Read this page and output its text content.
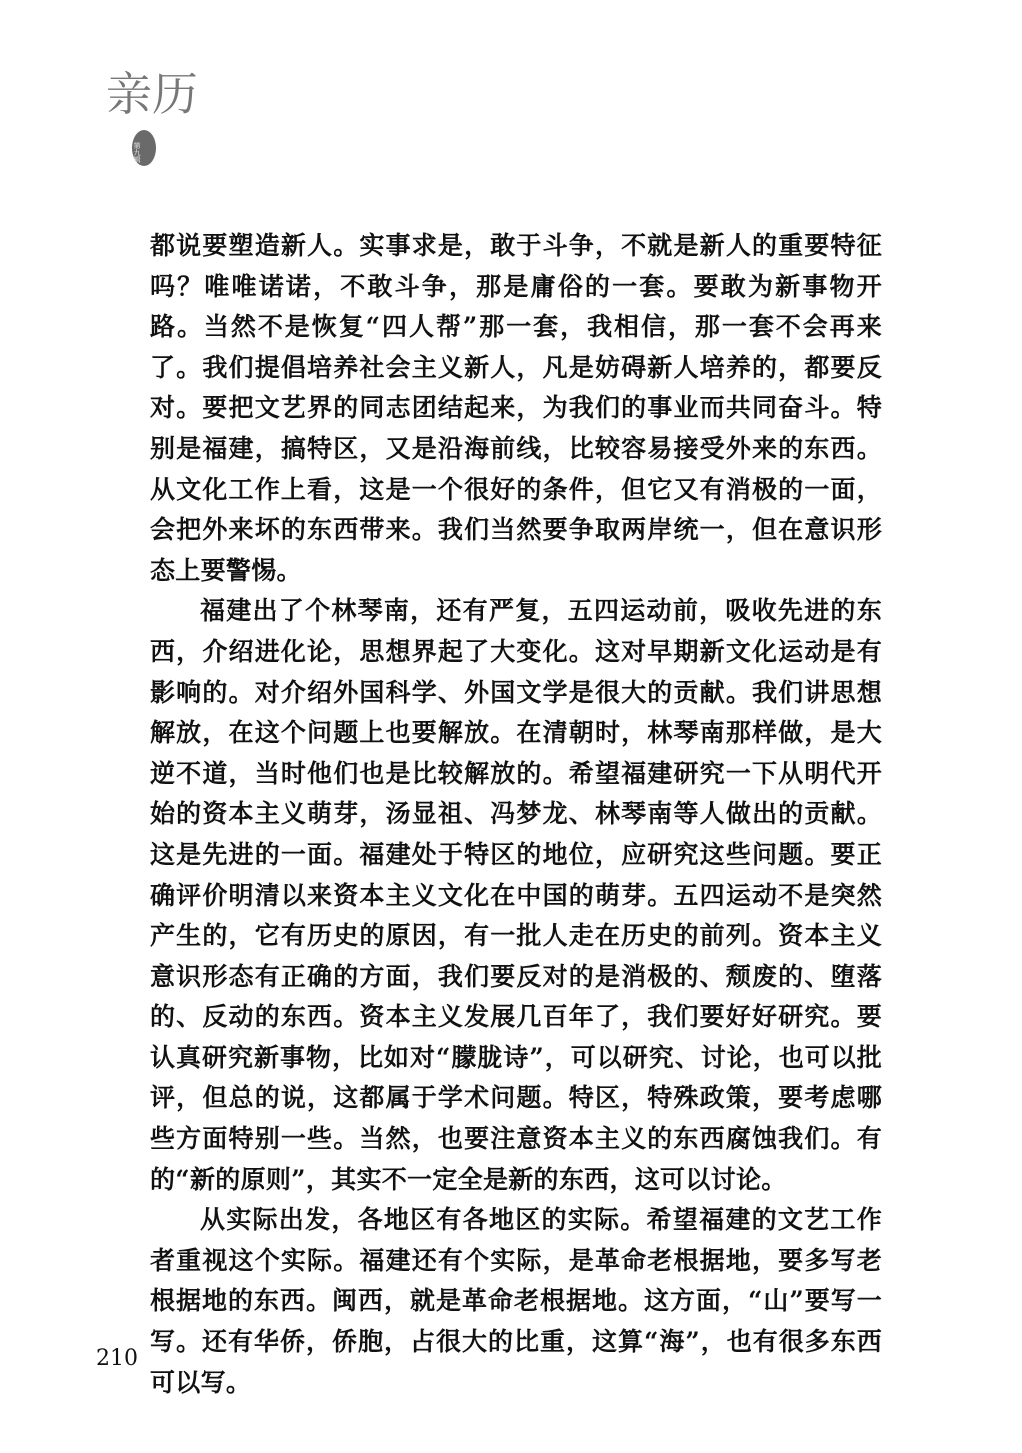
亲历
第九辑

都说要塑造新人。实事求是，敢于斗争，不就是新人的重要特征吗？唯唯诺诺，不敢斗争，那是庸俗的一套。要敢为新事物开路。当然不是恢复“四人帮”那一套，我相信，那一套不会再来了。我们提倡培养社会主义新人，凡是妨碍新人培养的，都要反对。要把文艺界的同志团结起来，为我们的事业而共同奋斗。特别是福建，搞特区，又是沿海前线，比较容易接受外来的东西。从文化工作上看，这是一个很好的条件，但它又有消极的一面，会把外来坏的东西带来。我们当然要争取两岸统一，但在意识形态上要警惕。

福建出了个林琴南，还有严复，五四运动前，吸收先进的东西，介绍进化论，思想界起了大变化。这对早期新文化运动是有影响的。对介绍外国科学、外国文学是很大的贡献。我们讲思想解放，在这个问题上也要解放。在清朝时，林琴南那样做，是大逆不道，当时他们也是比较解放的。希望福建研究一下从明代开始的资本主义萌芽，汤显祖、冯梦龙、林琴南等人做出的贡献。这是先进的一面。福建处于特区的地位，应研究这些问题。要正确评价明清以来资本主义文化在中国的萌芽。五四运动不是突然产生的，它有历史的原因，有一批人走在历史的前列。资本主义意识形态有正确的方面，我们要反对的是消极的、颓废的、堕落的、反动的东西。资本主义发展几百年了，我们要好好研究。要认真研究新事物，比如对“朦胧诗”，可以研究、讨论，也可以批评，但总的说，这都属于学术问题。特区，特殊政策，要考虑哪些方面特别一些。当然，也要注意资本主义的东西腐蚀我们。有的“新的原则”，其实不一定全是新的东西，这可以讨论。

从实际出发，各地区有各地区的实际。希望福建的文艺工作者重视这个实际。福建还有个实际，是革命老根据地，要多写老根据地的东西。闽西，就是革命老根据地。这方面，“山”要写一写。还有华侨，侨胞，占很大的比重，这算“海”，也有很多东西可以写。

210
